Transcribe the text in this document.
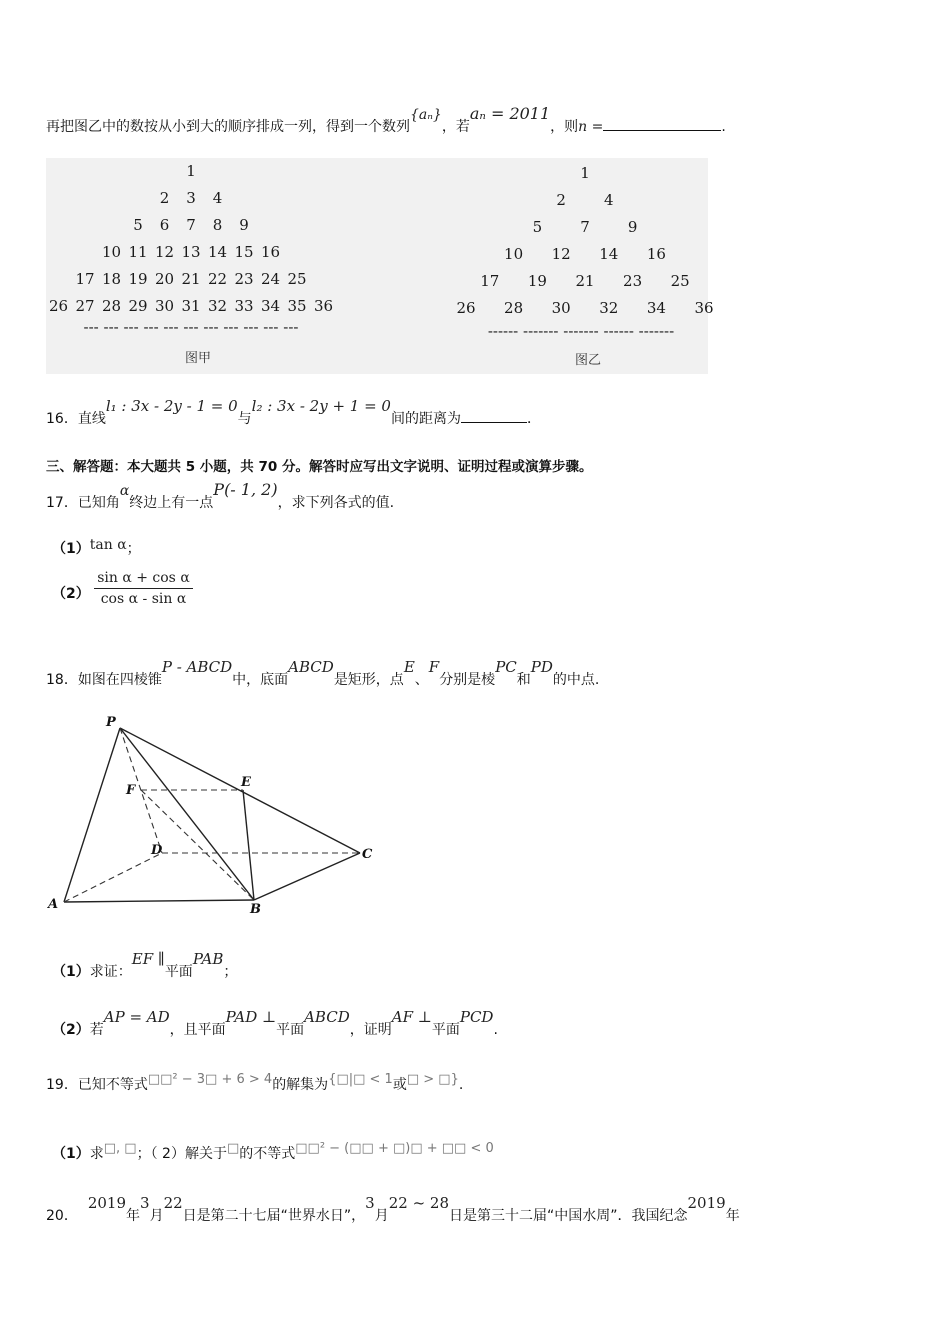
再把图乙中的数按从小到大的顺序排成一列，得到一个数列{aₙ}，若aₙ = 2011，则n =	.
1
2 3 4
5 6 7 8 9
10 11 12 13 14 15 16
17 18 19 20 21 22 23 24 25
26 27 28 29 30 31 32 33 34 35 36
--- --- --- --- --- --- --- --- --- --- ---
图甲
1
2	4
5	7	9
10 12 14 16
17 19 21 23 25
26 28 30 32 34 36
------ ------- ------- ------ -------
图乙
16．直线l₁ : 3x - 2y - 1 = 0与l₂ : 3x - 2y + 1 = 0间的距离为	．
三、解答题：本大题共 5 小题，共 70 分。解答时应写出文字说明、证明过程或演算步骤。
17．已知角α终边上有一点P(- 1, 2)，求下列各式的值.
（1）tan α；
$(2) \frac{\text{sin α + cos α}}{\text{cos α - sin α}}$
18．如图在四棱锥P - ABCD中，底面ABCD是矩形，点E、F分别是棱PC和PD的中点.
P
F
E
D	C
A	B
（1）求证：EF ∥平面PAB；
（2）若AP = AD，且平面PAD ⊥平面ABCD，证明AF ⊥平面PCD.
19．已知不等式□□² − 3□ + 6 > 4的解集为{□|□ < 1或□ > □}.
（1）求□, □；（ 2）解关于□的不等式□□² − (□□ + □)□ + □□ < 0
20．2019年3月22日是第二十七届“世界水日”，3月22 ~ 28日是第三十二届“中国水周”．我国纪念2019年
